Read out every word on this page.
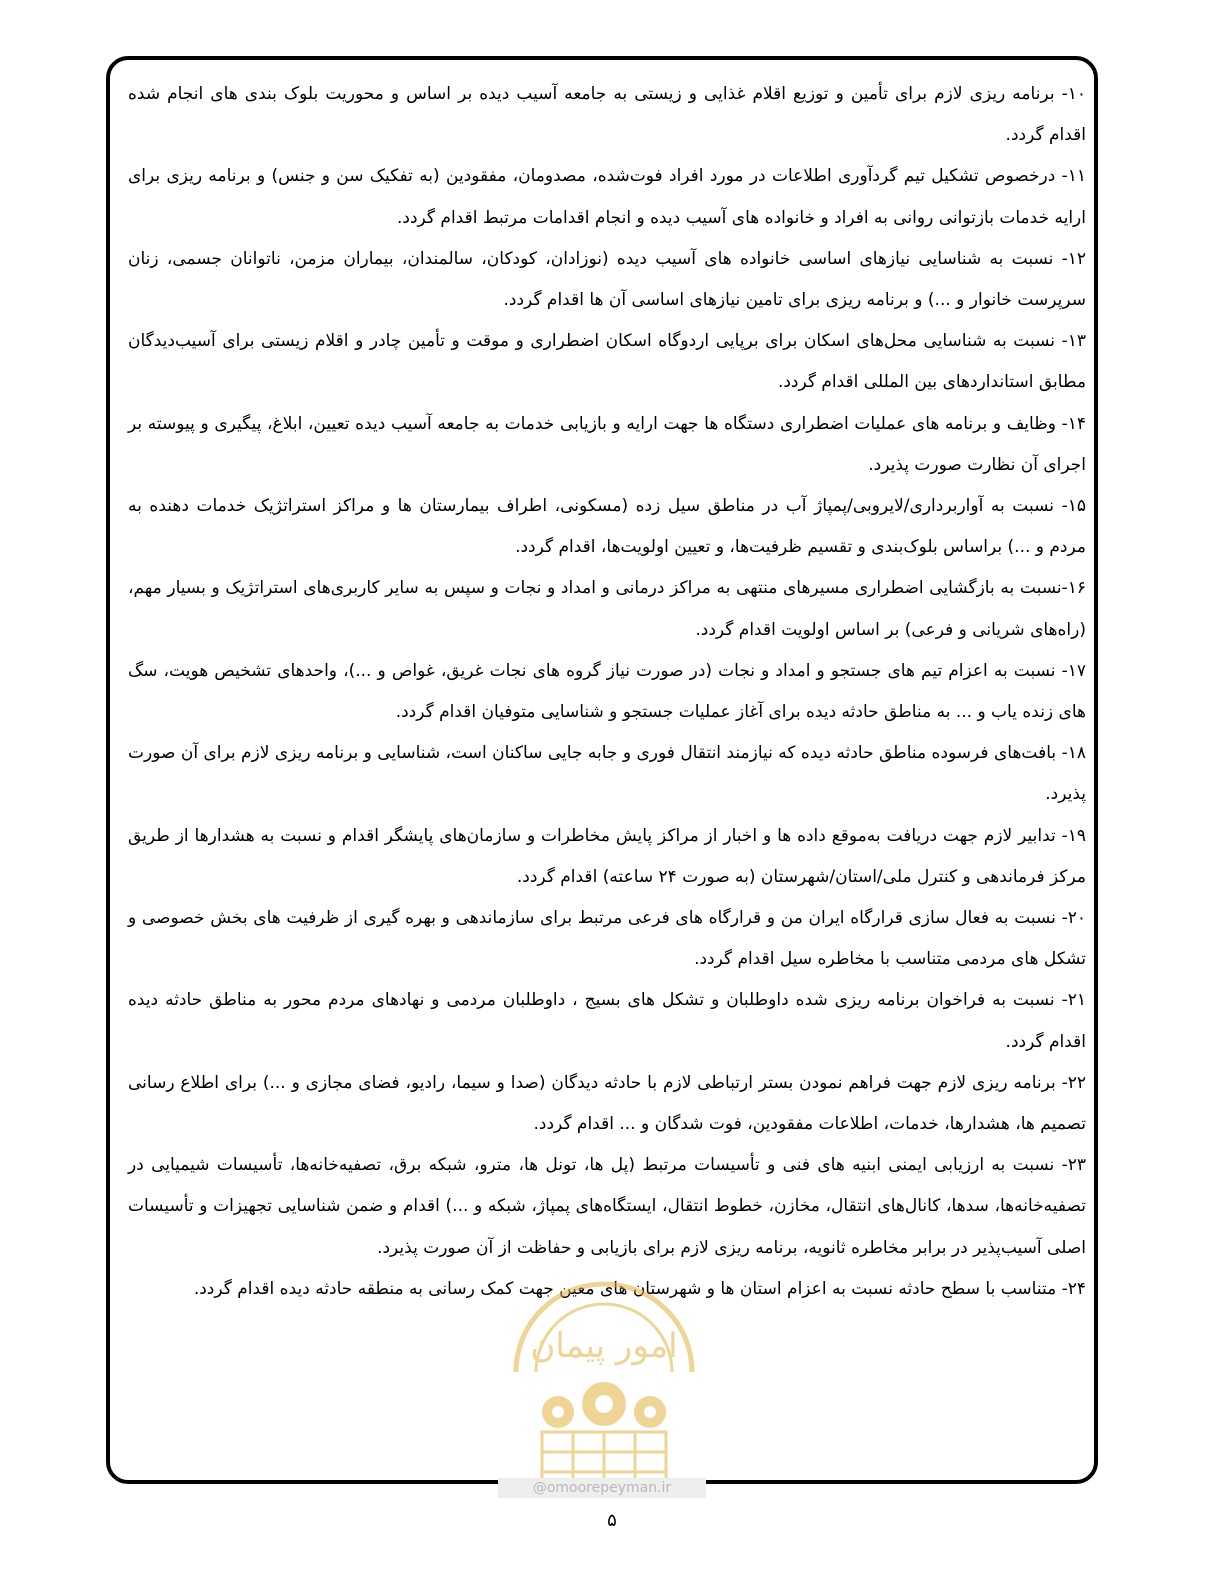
۱۰- برنامه ریزی لازم برای تأمین و توزیع اقلام غذایی و زیستی به جامعه آسیب دیده بر اساس و محوریت بلوک بندی های انجام شده اقدام گردد.

۱۱- درخصوص تشکیل تیم گردآوری اطلاعات در مورد افراد فوت‌شده، مصدومان، مفقودین (به تفکیک سن و جنس) و برنامه ریزی برای ارایه خدمات بازتوانی روانی به افراد و خانواده های آسیب دیده و انجام اقدامات مرتبط اقدام گردد.

۱۲- نسبت به شناسایی نیازهای اساسی خانواده های آسیب دیده (نوزادان، کودکان، سالمندان، بیماران مزمن، ناتوانان جسمی، زنان سرپرست خانوار و ...) و برنامه ریزی برای تامین نیازهای اساسی آن ها اقدام گردد.

۱۳- نسبت به شناسایی محل‌های اسکان برای برپایی اردوگاه اسکان اضطراری و موقت و تأمین چادر و اقلام زیستی برای آسیب‌دیدگان مطابق استانداردهای بین المللی اقدام گردد.

۱۴- وظایف و برنامه های عملیات اضطراری دستگاه ها جهت ارایه و بازیابی خدمات به جامعه آسیب دیده تعیین، ابلاغ، پیگیری و پیوسته بر اجرای آن نظارت صورت پذیرد.

۱۵- نسبت به آواربرداری/لایروبی/پمپاژ آب در مناطق سیل زده (مسکونی، اطراف بیمارستان ها و مراکز استراتژیک خدمات دهنده به مردم و ...) براساس بلوک‌بندی و تقسیم ظرفیت‌ها، و تعیین اولویت‌ها، اقدام گردد.

۱۶-نسبت به بازگشایی اضطراری مسیرهای منتهی به مراکز درمانی و امداد و نجات و سپس به سایر کاربری‌های استراتژیک و بسیار مهم، (راه‌های شریانی و فرعی) بر اساس اولویت اقدام گردد.

۱۷- نسبت به اعزام تیم های جستجو و امداد و نجات (در صورت نیاز گروه های نجات غریق، غواص و ...)، واحدهای تشخیص هویت، سگ های زنده یاب و ... به مناطق حادثه دیده برای آغاز عملیات جستجو و شناسایی متوفیان اقدام گردد.

۱۸- بافت‌های فرسوده مناطق حادثه دیده که نیازمند انتقال فوری و جابه جایی ساکنان است، شناسایی و برنامه ریزی لازم برای آن صورت پذیرد.

۱۹- تدابیر لازم جهت دریافت به‌موقع داده ها و اخبار از مراکز پایش مخاطرات و سازمان‌های پایشگر اقدام و نسبت به هشدارها از طریق مرکز فرماندهی و کنترل ملی/استان/شهرستان (به صورت ۲۴ ساعته) اقدام گردد.

۲۰- نسبت به فعال سازی قرارگاه ایران من و قرارگاه های فرعی مرتبط برای سازماندهی و بهره گیری از ظرفیت های بخش خصوصی و تشکل های مردمی متناسب با مخاطره سیل اقدام گردد.

۲۱- نسبت به فراخوان برنامه ریزی شده داوطلبان و تشکل های بسیج ، داوطلبان مردمی و نهادهای مردم محور به مناطق حادثه دیده اقدام گردد.

۲۲- برنامه ریزی لازم جهت فراهم نمودن بستر ارتباطی لازم با حادثه دیدگان (صدا و سیما، رادیو، فضای مجازی و ...) برای اطلاع رسانی تصمیم ها، هشدارها، خدمات، اطلاعات مفقودین، فوت شدگان و ... اقدام گردد.

۲۳- نسبت به ارزیابی ایمنی ابنیه های فنی و تأسیسات مرتبط (پل ها، تونل ها، مترو، شبکه برق، تصفیه‌خانه‌ها، تأسیسات شیمیایی در تصفیه‌خانه‌ها، سدها، کانال‌های انتقال، مخازن، خطوط انتقال، ایستگاه‌های پمپاژ، شبکه و ...) اقدام و ضمن شناسایی تجهیزات و تأسیسات اصلی آسیب‌پذیر در برابر مخاطره ثانویه، برنامه ریزی لازم برای بازیابی و حفاظت از آن صورت پذیرد.

۲۴- متناسب با سطح حادثه نسبت به اعزام استان ها و شهرستان های معین جهت کمک رسانی به منطقه حادثه دیده اقدام گردد.

امور پیمان
@omoorepeyman.ir
۵
